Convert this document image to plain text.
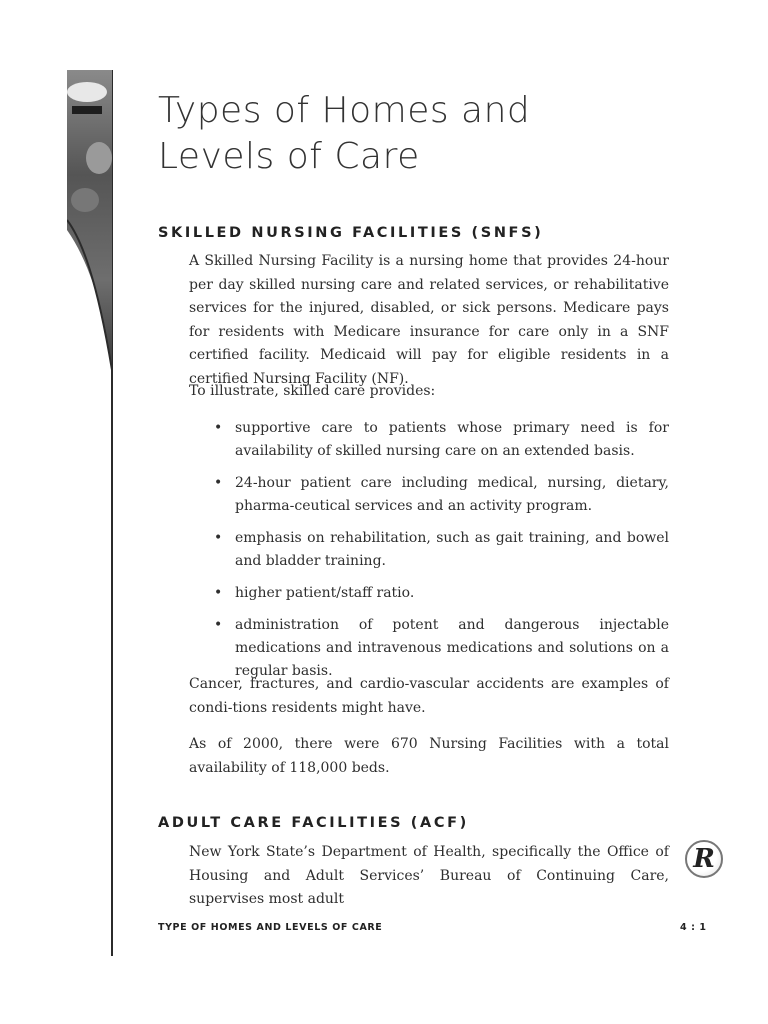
Types of Homes and
Levels of Care
SKILLED NURSING FACILITIES (SNFS)

A Skilled Nursing Facility is a nursing home that provides 24-hour per day skilled nursing care and related services, or rehabilitative services for the injured, disabled, or sick persons. Medicare pays for residents with Medicare insurance for care only in a SNF certified facility. Medicaid will pay for eligible residents in a certified Nursing Facility (NF).

To illustrate, skilled care provides:

• supportive care to patients whose primary need is for availability of skilled nursing care on an extended basis.
• 24-hour patient care including medical, nursing, dietary, pharma-ceutical services and an activity program.
• emphasis on rehabilitation, such as gait training, and bowel and bladder training.
• higher patient/staff ratio.
• administration of potent and dangerous injectable medications and intravenous medications and solutions on a regular basis.

Cancer, fractures, and cardio-vascular accidents are examples of condi-tions residents might have.

As of 2000, there were 670 Nursing Facilities with a total availability of 118,000 beds.

ADULT CARE FACILITIES (ACF)

New York State’s Department of Health, specifically the Office of Housing and Adult Services’ Bureau of Continuing Care, supervises most adult

R
TYPE OF HOMES AND LEVELS OF CARE	4 : 1
